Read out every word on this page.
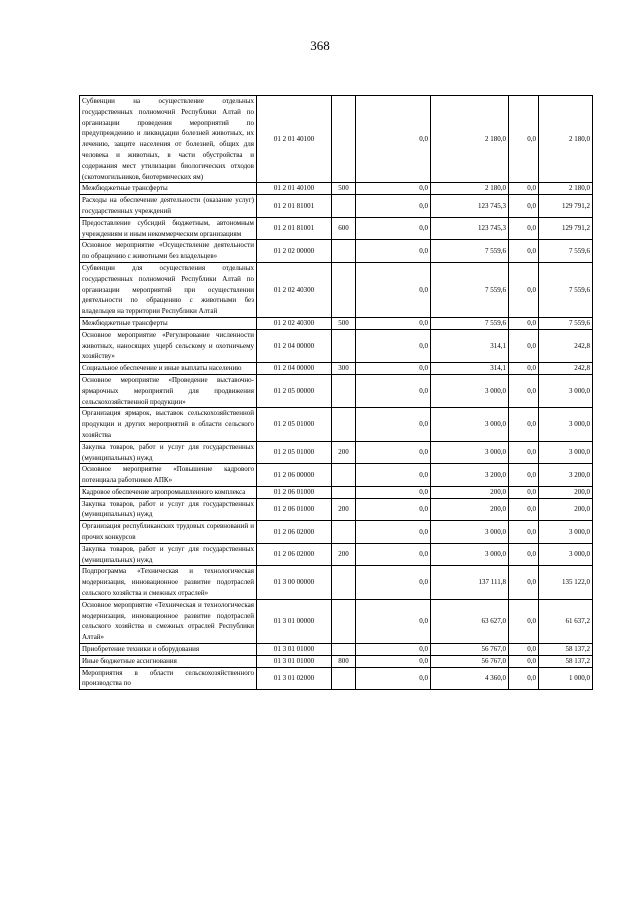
368
Субвенции на осуществление отдельных государственных полномочий Республики Алтай по организации проведения мероприятий по предупреждению и ликвидации болезней животных, их лечению, защите населения от болезней, общих для человека и животных, в части обустройства и содержания мест утилизации биологических отходов (скотомогильников, биотермических ям)	01 2 01 40100		0,0	2 180,0	0,0	2 180,0
Межбюджетные трансферты	01 2 01 40100	500	0,0	2 180,0	0,0	2 180,0
Расходы на обеспечение деятельности (оказание услуг) государственных учреждений	01 2 01 81001		0,0	123 745,3	0,0	129 791,2
Предоставление субсидий бюджетным, автономным учреждениям и иным некоммерческим организациям	01 2 01 81001	600	0,0	123 745,3	0,0	129 791,2
Основное мероприятие «Осуществление деятельности по обращению с животными без владельцев»	01 2 02 00000		0,0	7 559,6	0,0	7 559,6
Субвенции для осуществления отдельных государственных полномочий Республики Алтай по организации мероприятий при осуществлении деятельности по обращению с животными без владельцев на территории Республики Алтай	01 2 02 40300		0,0	7 559,6	0,0	7 559,6
Межбюджетные трансферты	01 2 02 40300	500	0,0	7 559,6	0,0	7 559,6
Основное мероприятие «Регулирование численности животных, наносящих ущерб сельскому и охотничьему хозяйству»	01 2 04 00000		0,0	314,1	0,0	242,8
Социальное обеспечение и иные выплаты населению	01 2 04 00000	300	0,0	314,1	0,0	242,8
Основное мероприятие «Проведение выставочно-ярмарочных мероприятий для продвижения сельскохозяйственной продукции»	01 2 05 00000		0,0	3 000,0	0,0	3 000,0
Организация ярмарок, выставок сельскохозяйственной продукции и других мероприятий в области сельского хозяйства	01 2 05 01000		0,0	3 000,0	0,0	3 000,0
Закупка товаров, работ и услуг для государственных (муниципальных) нужд	01 2 05 01000	200	0,0	3 000,0	0,0	3 000,0
Основное мероприятие «Повышение кадрового потенциала работников АПК»	01 2 06 00000		0,0	3 200,0	0,0	3 200,0
Кадровое обеспечение агропромышленного комплекса	01 2 06 01000		0,0	200,0	0,0	200,0
Закупка товаров, работ и услуг для государственных (муниципальных) нужд	01 2 06 01000	200	0,0	200,0	0,0	200,0
Организация республиканских трудовых соревнований и прочих конкурсов	01 2 06 02000		0,0	3 000,0	0,0	3 000,0
Закупка товаров, работ и услуг для государственных (муниципальных) нужд	01 2 06 02000	200	0,0	3 000,0	0,0	3 000,0
Подпрограмма «Техническая и технологическая модернизация, инновационное развитие подотраслей сельского хозяйства и смежных отраслей»	01 3 00 00000		0,0	137 111,8	0,0	135 122,0
Основное мероприятие «Техническая и технологическая модернизация, инновационное развитие подотраслей сельского хозяйства и смежных отраслей Республики Алтай»	01 3 01 00000		0,0	63 627,0	0,0	61 637,2
Приобретение техники и оборудования	01 3 01 01000		0,0	56 767,0	0,0	58 137,2
Иные бюджетные ассигнования	01 3 01 01000	800	0,0	56 767,0	0,0	58 137,2
Мероприятия в области сельскохозяйственного производства по	01 3 01 02000		0,0	4 360,0	0,0	1 000,0
